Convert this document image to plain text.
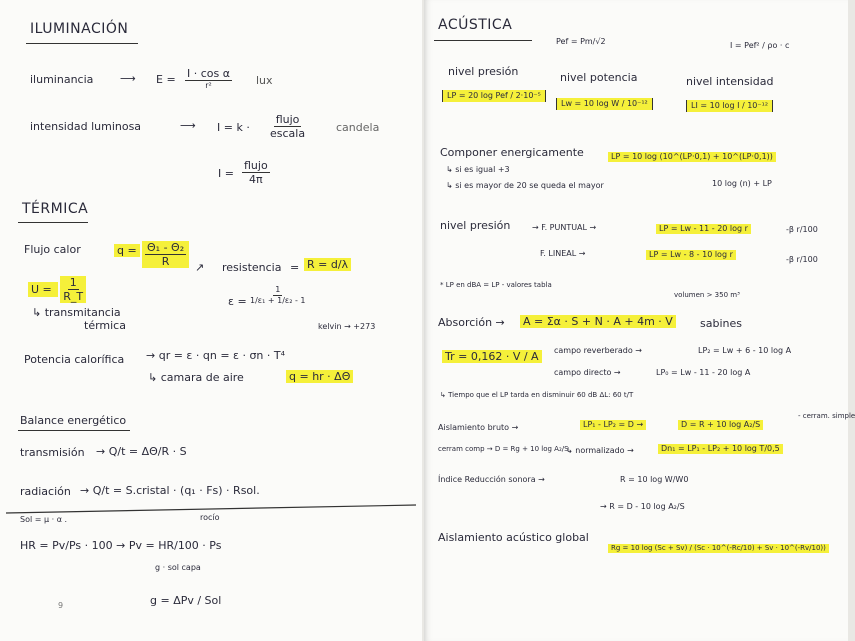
ILUMINACIÓN
iluminancia ⟶ $E = \frac{\text{I · cos α}}{\text{r²}}$ lux
intensidad luminosa	⟶ $I = k \cdot \frac{\text{flujo}}{\text{escala}}$	candela
$I = \frac{\text{flujo}}{4\pi}$
TÉRMICA
Flujo calor	$q = \frac{\text{Θ₁ - Θ₂}}{R}$ ↗ resistencia = R = d/λ
$U = \frac{1}{R\_T}$
↳ transmitancia
térmica
$\varepsilon = \frac{1}{\text{1/ε₁ + 1/ε₂ - 1}}$
kelvin → +273
Potencia calorífica → qr = ε · qn = ε · σn · T⁴
↳ camara de aire	q = hr · ΔΘ
Balance energético
transmisión → Q/t = ΔΘ/R · S
radiación → Q/t = S.cristal · (q₁ · Fs) · Rsol.
Sol = μ · α .	rocío
HR = Pv/Ps · 100 → Pv = HR/100 · Ps
g · sol capa
g = ΔPv / Sol
9
ACÚSTICA
Pef = Pm/√2	I = Pef² / ρo · c
nivel presión	nivel potencia	nivel intensidad
LP = 20 log Pef / 2·10⁻⁵
Lw = 10 log W / 10⁻¹²	LI = 10 log I / 10⁻¹²
Componer energicamente	LP = 10 log (10^(LP·0,1) + 10^(LP·0,1))
↳ si es igual +3
↳ si es mayor de 20 se queda el mayor	10 log (n) + LP
nivel presión	→ F. PUNTUAL →	LP = Lw - 11 - 20 log r	-β r/100
F. LINEAL →	LP = Lw - 8 - 10 log r
-β r/100
* LP en dBA = LP - valores tabla
volumen > 350 m³
Absorción → A = Σα · S + N · A + 4m · V sabines
Tr = 0,162 · V / A	campo reverberado →	LP₂ = Lw + 6 - 10 log A
campo directo →	LP₀ = Lw - 11 - 20 log A
↳ Tiempo que el LP tarda en disminuir 60 dB ΔL: 60 t/T
Aislamiento bruto →	LP₁ - LP₂ = D →	D = R + 10 log A₂/S
- cerram. simple
cerram comp → D = Rg + 10 log A₂/S
↳ normalizado →	Dn₁ = LP₁ - LP₂ + 10 log T/0,5
Índice Reducción sonora →	R = 10 log W/W0
→ R = D - 10 log A₂/S
Aislamiento acústico global
Rg = 10 log (Sc + Sv) / (Sc · 10^(-Rc/10) + Sv · 10^(-Rv/10))
